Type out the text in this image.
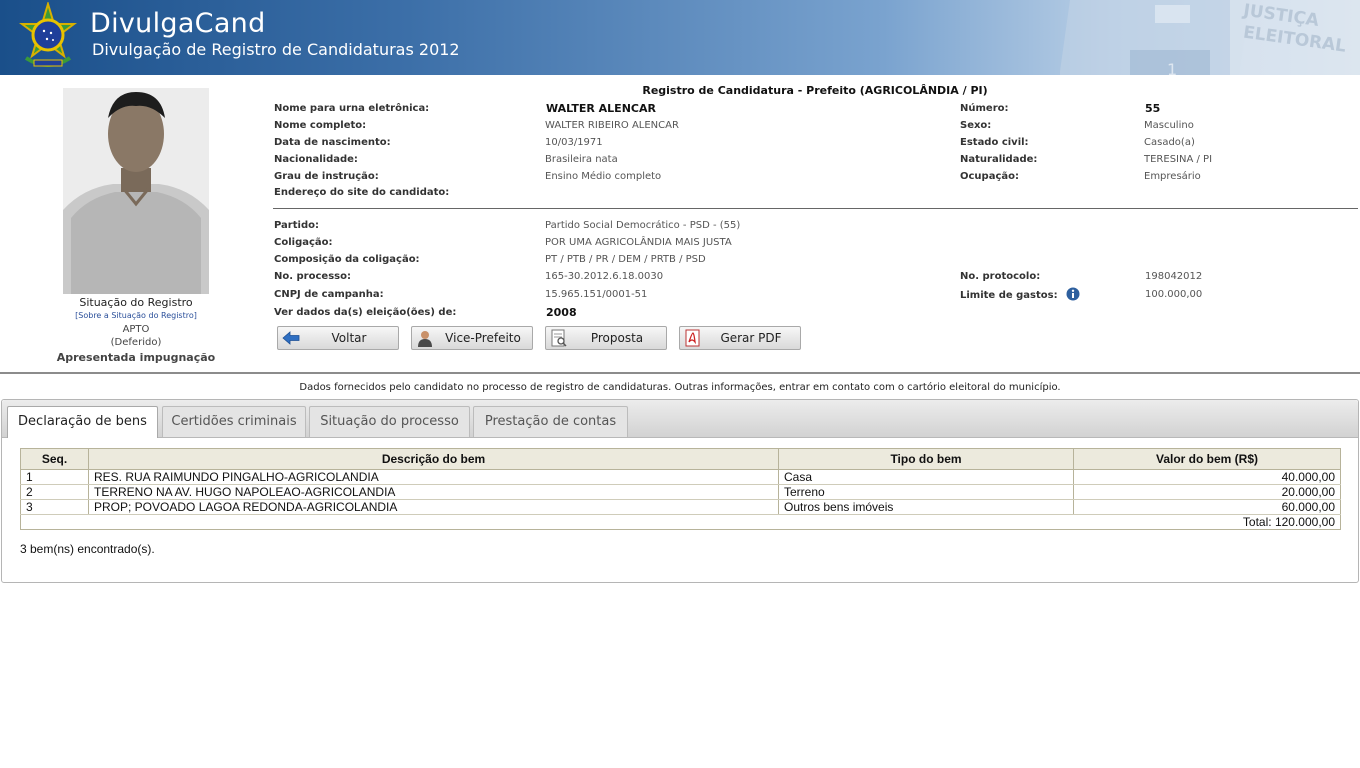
DivulgaCand
Divulgação de Registro de Candidaturas 2012
1
JUSTIÇA
ELEITORAL
Situação do Registro
[Sobre a Situação do Registro]
APTO
(Deferido)
Apresentada impugnação
Registro de Candidatura - Prefeito (AGRICOLÂNDIA / PI)
Nome para urna eletrônica:	WALTER ALENCAR
Nome completo:	WALTER RIBEIRO ALENCAR
Data de nascimento:	10/03/1971
Nacionalidade:	Brasileira nata
Grau de instrução:	Ensino Médio completo
Endereço do site do candidato:
Número:	55
Sexo:	Masculino
Estado civil:	Casado(a)
Naturalidade:	TERESINA / PI
Ocupação:	Empresário
Partido:	Partido Social Democrático - PSD - (55)
Coligação:	POR UMA AGRICOLÂNDIA MAIS JUSTA
Composição da coligação:	PT / PTB / PR / DEM / PRTB / PSD
No. processo:	165-30.2012.6.18.0030
CNPJ de campanha:	15.965.151/0001-51
Ver dados da(s) eleição(ões) de:	2008
No. protocolo:	198042012
Limite de gastos:	100.000,00
Voltar	Vice-Prefeito	Proposta	Gerar PDF
Dados fornecidos pelo candidato no processo de registro de candidaturas. Outras informações, entrar em contato com o cartório eleitoral do município.
Declaração de bens	Certidões criminais	Situação do processo	Prestação de contas
Seq.	Descrição do bem	Tipo do bem	Valor do bem (R$)
1	RES. RUA RAIMUNDO PINGALHO-AGRICOLANDIA	Casa	40.000,00
2	TERRENO NA AV. HUGO NAPOLEAO-AGRICOLANDIA	Terreno	20.000,00
3	PROP; POVOADO LAGOA REDONDA-AGRICOLANDIA	Outros bens imóveis	60.000,00
Total: 120.000,00			
3 bem(ns) encontrado(s).
